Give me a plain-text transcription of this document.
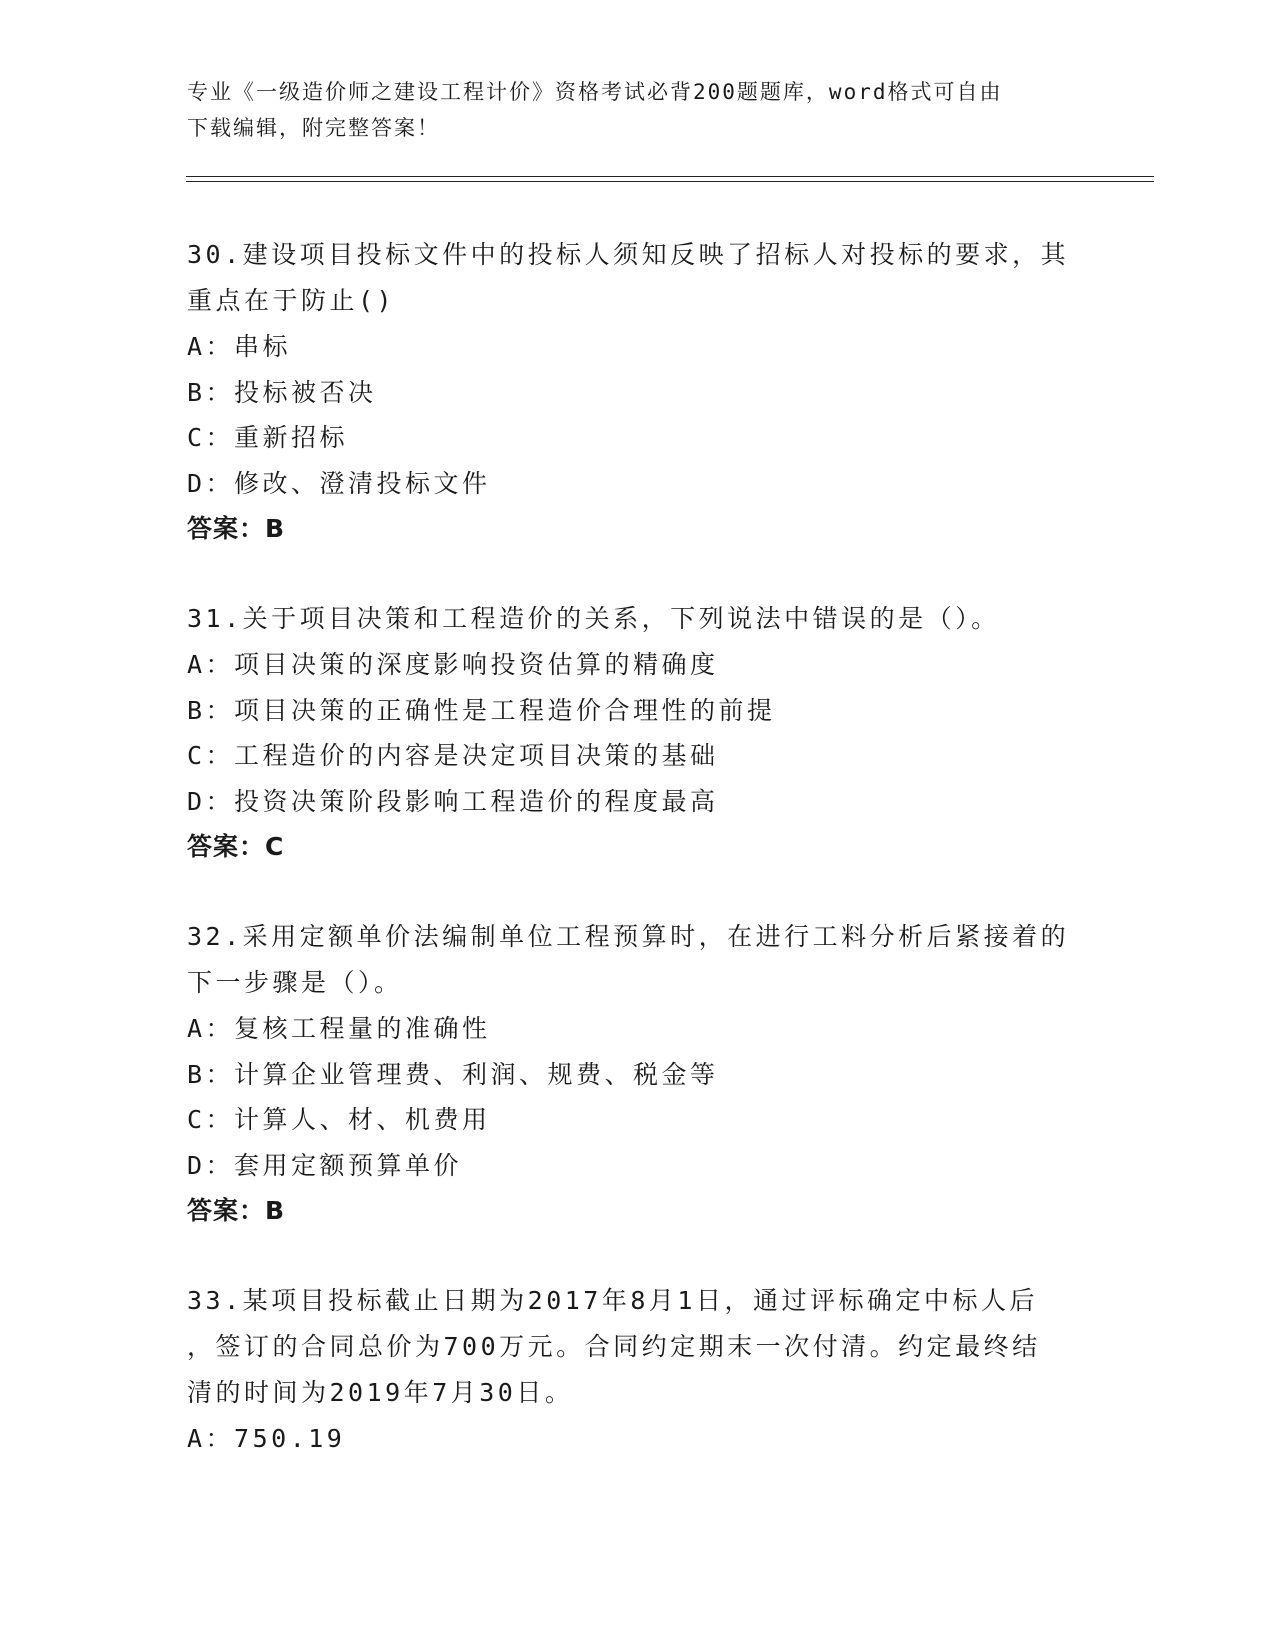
专业《一级造价师之建设工程计价》资格考试必背200题题库，word格式可自由
下载编辑，附完整答案！
30.建设项目投标文件中的投标人须知反映了招标人对投标的要求，其
重点在于防止()
A：串标
B：投标被否决
C：重新招标
D：修改、澄清投标文件
答案：B
31.关于项目决策和工程造价的关系，下列说法中错误的是（）。
A：项目决策的深度影响投资估算的精确度
B：项目决策的正确性是工程造价合理性的前提
C：工程造价的内容是决定项目决策的基础
D：投资决策阶段影响工程造价的程度最高
答案：C
32.采用定额单价法编制单位工程预算时，在进行工料分析后紧接着的
下一步骤是（）。
A：复核工程量的准确性
B：计算企业管理费、利润、规费、税金等
C：计算人、材、机费用
D：套用定额预算单价
答案：B
33.某项目投标截止日期为2017年8月1日，通过评标确定中标人后
，签订的合同总价为700万元。合同约定期末一次付清。约定最终结
清的时间为2019年7月30日。
A：750.19
